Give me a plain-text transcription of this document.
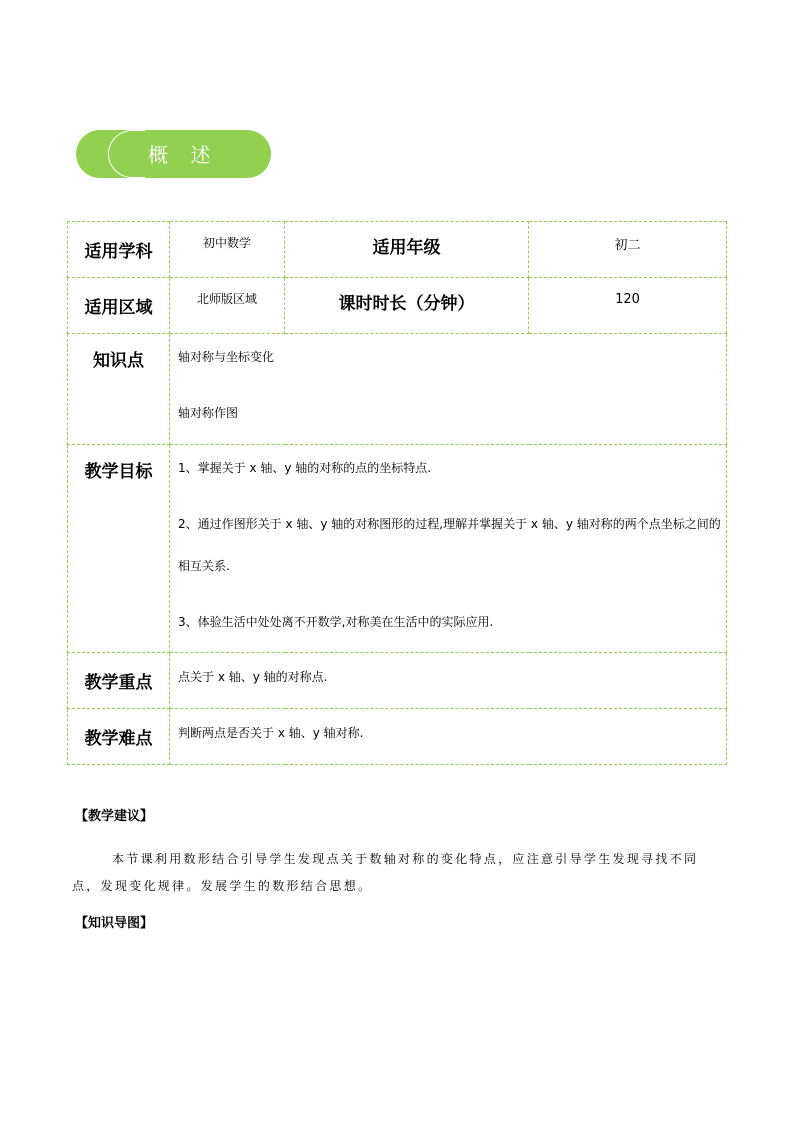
概 述
适用学科	初中数学	适用年级	初二
适用区域	北师版区域	课时时长（分钟）	120
知识点	轴对称与坐标变化

轴对称作图		

教学目标	1、掌握关于 x 轴、y 轴的对称的点的坐标特点.

2、通过作图形关于 x 轴、y 轴的对称图形的过程,理解并掌握关于 x 轴、y 轴对称的两个点坐标之间的相互关系.

3、体验生活中处处离不开数学,对称美在生活中的实际应用.		

教学重点	点关于 x 轴、y 轴的对称点.		
教学难点	判断两点是否关于 x 轴、y 轴对称.		
【教学建议】

本节课利用数形结合引导学生发现点关于数轴对称的变化特点，应注意引导学生发现寻找不同点，发现变化规律。发展学生的数形结合思想。

【知识导图】
